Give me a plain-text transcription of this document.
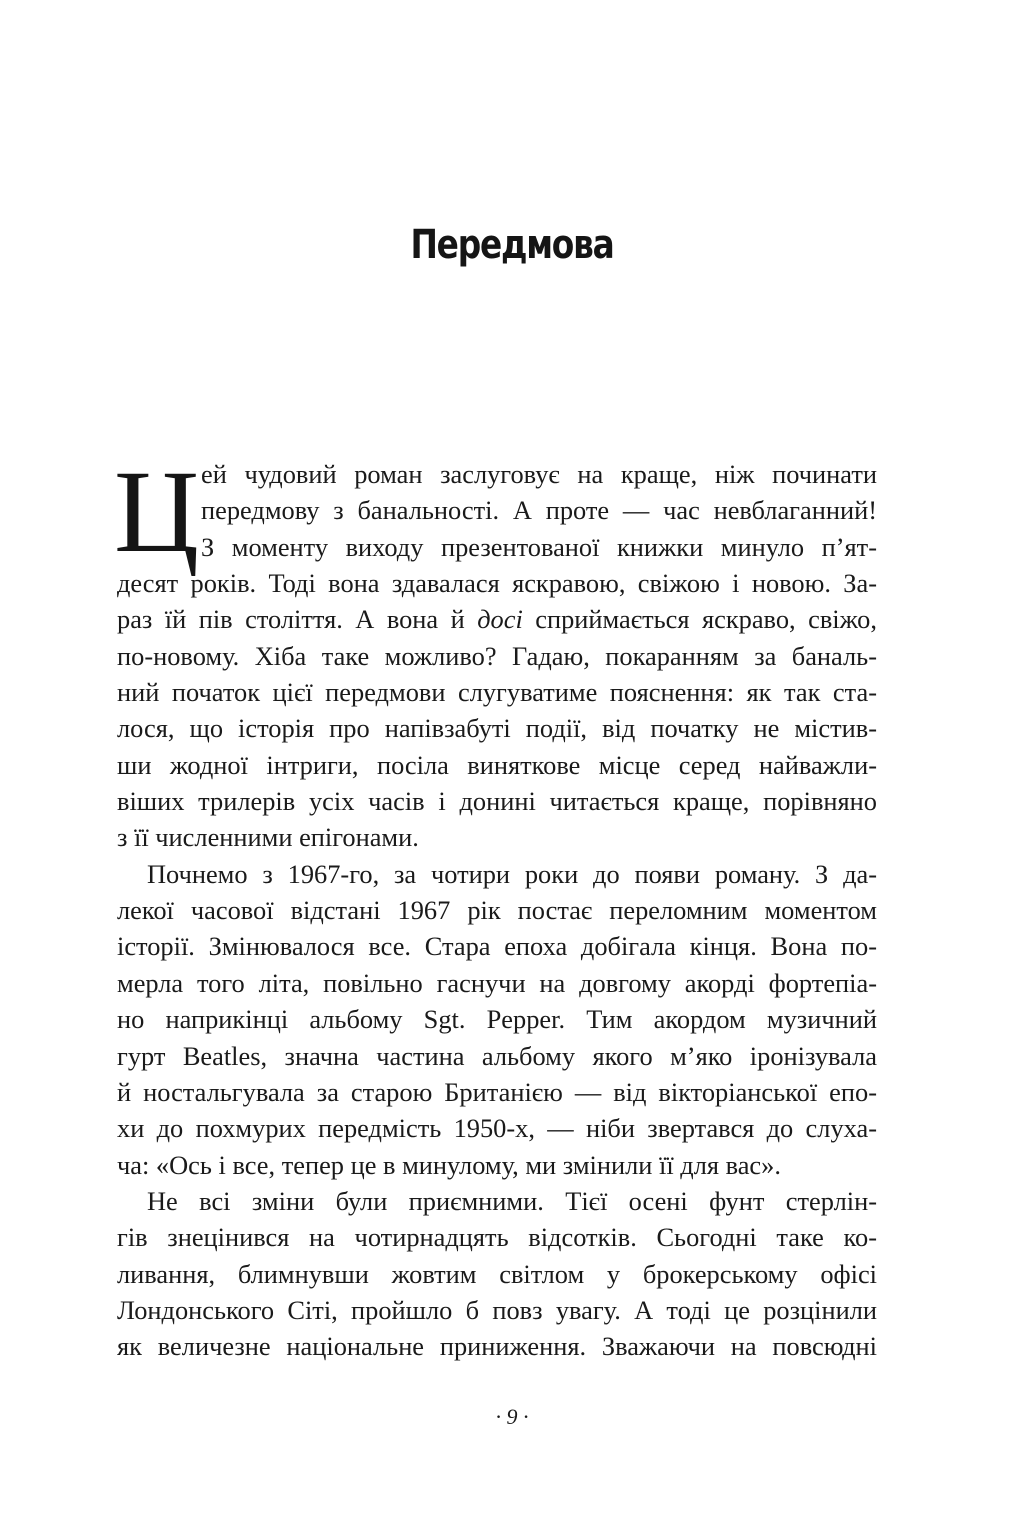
Передмова
Ц ей чудовий роман заслуговує на краще, ніж починати
передмову з банальності. А проте — час невблаганний!
З моменту виходу презентованої книжки минуло п’ят-
десят років. Тоді вона здавалася яскравою, свіжою і новою. За-
раз їй пів століття. А вона й досі сприймається яскраво, свіжо,
по-новому. Хіба таке можливо? Гадаю, покаранням за баналь-
ний початок цієї передмови слугуватиме пояснення: як так ста-
лося, що історія про напівзабуті події, від початку не містив-
ши жодної інтриги, посіла виняткове місце серед найважли-
віших трилерів усіх часів і донині читається краще, порівняно
з її численними епігонами.
Почнемо з 1967-го, за чотири роки до появи роману. З да-
лекої часової відстані 1967 рік постає переломним моментом
історії. Змінювалося все. Стара епоха добігала кінця. Вона по-
мерла того літа, повільно гаснучи на довгому акорді фортепіа-
но наприкінці альбому Sgt. Pepper. Тим акордом музичний
гурт Beatles, значна частина альбому якого м’яко іронізувала
й ностальгувала за старою Британією — від вікторіанської епо-
хи до похмурих передмість 1950-х, — ніби звертався до слуха-
ча: «Ось і все, тепер це в минулому, ми змінили її для вас».
Не всі зміни були приємними. Тієї осені фунт стерлін-
гів знецінився на чотирнадцять відсотків. Сьогодні таке ко-
ливання, блимнувши жовтим світлом у брокерському офісі
Лондонського Сіті, пройшло б повз увагу. А тоді це розцінили
як величезне національне приниження. Зважаючи на повсюдні
· 9 ·
